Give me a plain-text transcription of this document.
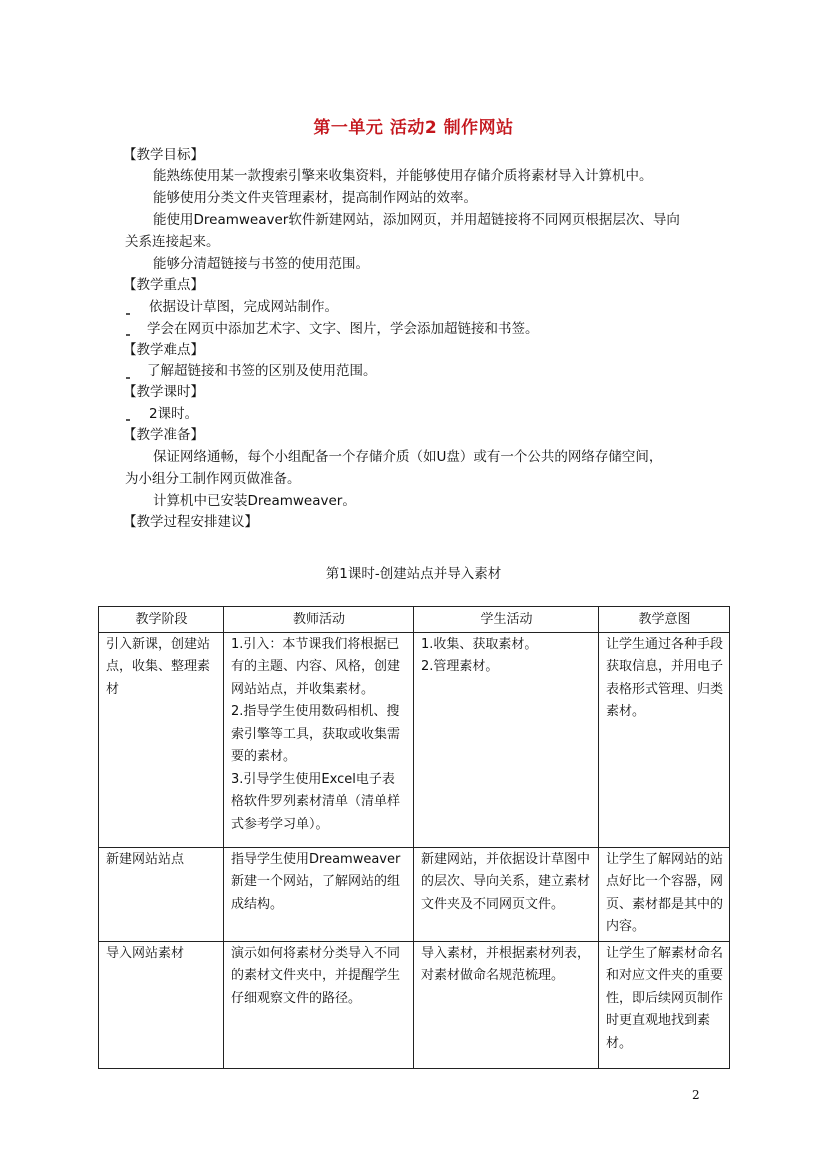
第一单元 活动2 制作网站
【教学目标】
能熟练使用某一款搜索引擎来收集资料，并能够使用存储介质将素材导入计算机中。
能够使用分类文件夹管理素材，提高制作网站的效率。
能使用Dreamweaver软件新建网站，添加网页，并用超链接将不同网页根据层次、导向
关系连接起来。
能够分清超链接与书签的使用范围。
【教学重点】
依据设计草图，完成网站制作。
学会在网页中添加艺术字、文字、图片，学会添加超链接和书签。
【教学难点】
了解超链接和书签的区别及使用范围。
【教学课时】
2课时。
【教学准备】
保证网络通畅，每个小组配备一个存储介质（如U盘）或有一个公共的网络存储空间，
为小组分工制作网页做准备。
计算机中已安装Dreamweaver。
【教学过程安排建议】
第1课时-创建站点并导入素材
教学阶段	教师活动	学生活动	教学意图
引入新课，创建站点，收集、整理素材	1.引入：本节课我们将根据已有的主题、内容、风格，创建网站站点，并收集素材。
2.指导学生使用数码相机、搜索引擎等工具，获取或收集需要的素材。
3.引导学生使用Excel电子表格软件罗列素材清单（清单样式参考学习单）。	1.收集、获取素材。
2.管理素材。	让学生通过各种手段获取信息，并用电子表格形式管理、归类素材。
新建网站站点	指导学生使用Dreamweaver新建一个网站，了解网站的组成结构。	新建网站，并依据设计草图中的层次、导向关系，建立素材文件夹及不同网页文件。	让学生了解网站的站点好比一个容器，网页、素材都是其中的内容。
导入网站素材	演示如何将素材分类导入不同的素材文件夹中，并提醒学生仔细观察文件的路径。	导入素材，并根据素材列表，对素材做命名规范梳理。	让学生了解素材命名和对应文件夹的重要性，即后续网页制作时更直观地找到素材。
2
